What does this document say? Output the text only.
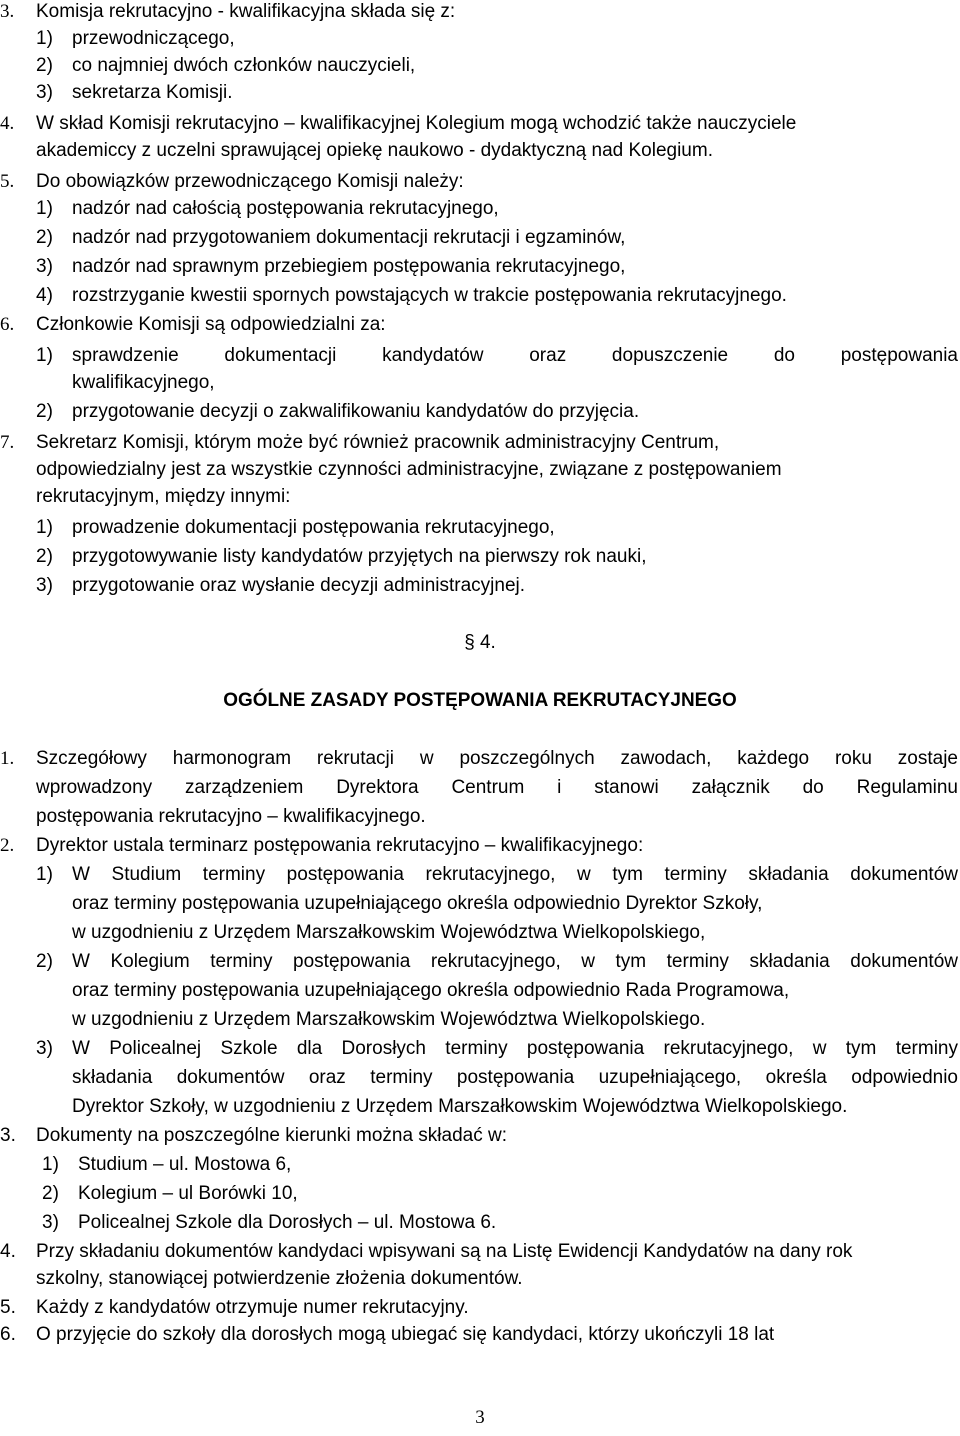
3. Komisja rekrutacyjno - kwalifikacyjna składa się z:
1) przewodniczącego,
2) co najmniej dwóch członków nauczycieli,
3) sekretarza Komisji.
4. W skład Komisji rekrutacyjno – kwalifikacyjnej Kolegium mogą wchodzić także nauczyciele
akademiccy z uczelni sprawującej opiekę naukowo - dydaktyczną nad Kolegium.
5. Do obowiązków przewodniczącego Komisji należy:
1) nadzór nad całością postępowania rekrutacyjnego,
2) nadzór nad przygotowaniem dokumentacji rekrutacji i egzaminów,
3) nadzór nad sprawnym przebiegiem postępowania rekrutacyjnego,
4) rozstrzyganie kwestii spornych powstających w trakcie postępowania rekrutacyjnego.
6. Członkowie Komisji są odpowiedzialni za:
1) sprawdzenie dokumentacji kandydatów oraz dopuszczenie do postępowania
kwalifikacyjnego,
2) przygotowanie decyzji o zakwalifikowaniu kandydatów do przyjęcia.
7. Sekretarz Komisji, którym może być również pracownik administracyjny Centrum,
odpowiedzialny jest za wszystkie czynności administracyjne, związane z postępowaniem
rekrutacyjnym, między innymi:
1) prowadzenie dokumentacji postępowania rekrutacyjnego,
2) przygotowywanie listy kandydatów przyjętych na pierwszy rok nauki,
3) przygotowanie oraz wysłanie decyzji administracyjnej.
§ 4.
OGÓLNE ZASADY POSTĘPOWANIA REKRUTACYJNEGO
1. Szczegółowy harmonogram rekrutacji w poszczególnych zawodach, każdego roku zostaje
wprowadzony zarządzeniem Dyrektora Centrum i stanowi załącznik do Regulaminu
postępowania rekrutacyjno – kwalifikacyjnego.
2. Dyrektor ustala terminarz postępowania rekrutacyjno – kwalifikacyjnego:
1) W Studium terminy postępowania rekrutacyjnego, w tym terminy składania dokumentów
oraz terminy postępowania uzupełniającego określa odpowiednio Dyrektor Szkoły,
w uzgodnieniu z Urzędem Marszałkowskim Województwa Wielkopolskiego,
2) W Kolegium terminy postępowania rekrutacyjnego, w tym terminy składania dokumentów
oraz terminy postępowania uzupełniającego określa odpowiednio Rada Programowa,
w uzgodnieniu z Urzędem Marszałkowskim Województwa Wielkopolskiego.
3) W Policealnej Szkole dla Dorosłych terminy postępowania rekrutacyjnego, w tym terminy
składania dokumentów oraz terminy postępowania uzupełniającego, określa odpowiednio
Dyrektor Szkoły, w uzgodnieniu z Urzędem Marszałkowskim Województwa Wielkopolskiego.
3. Dokumenty na poszczególne kierunki można składać w:
1) Studium – ul. Mostowa 6,
2) Kolegium – ul Borówki 10,
3) Policealnej Szkole dla Dorosłych – ul. Mostowa 6.
4. Przy składaniu dokumentów kandydaci wpisywani są na Listę Ewidencji Kandydatów na dany rok
szkolny, stanowiącej potwierdzenie złożenia dokumentów.
5. Każdy z kandydatów otrzymuje numer rekrutacyjny.
6. O przyjęcie do szkoły dla dorosłych mogą ubiegać się kandydaci, którzy ukończyli 18 lat
3
